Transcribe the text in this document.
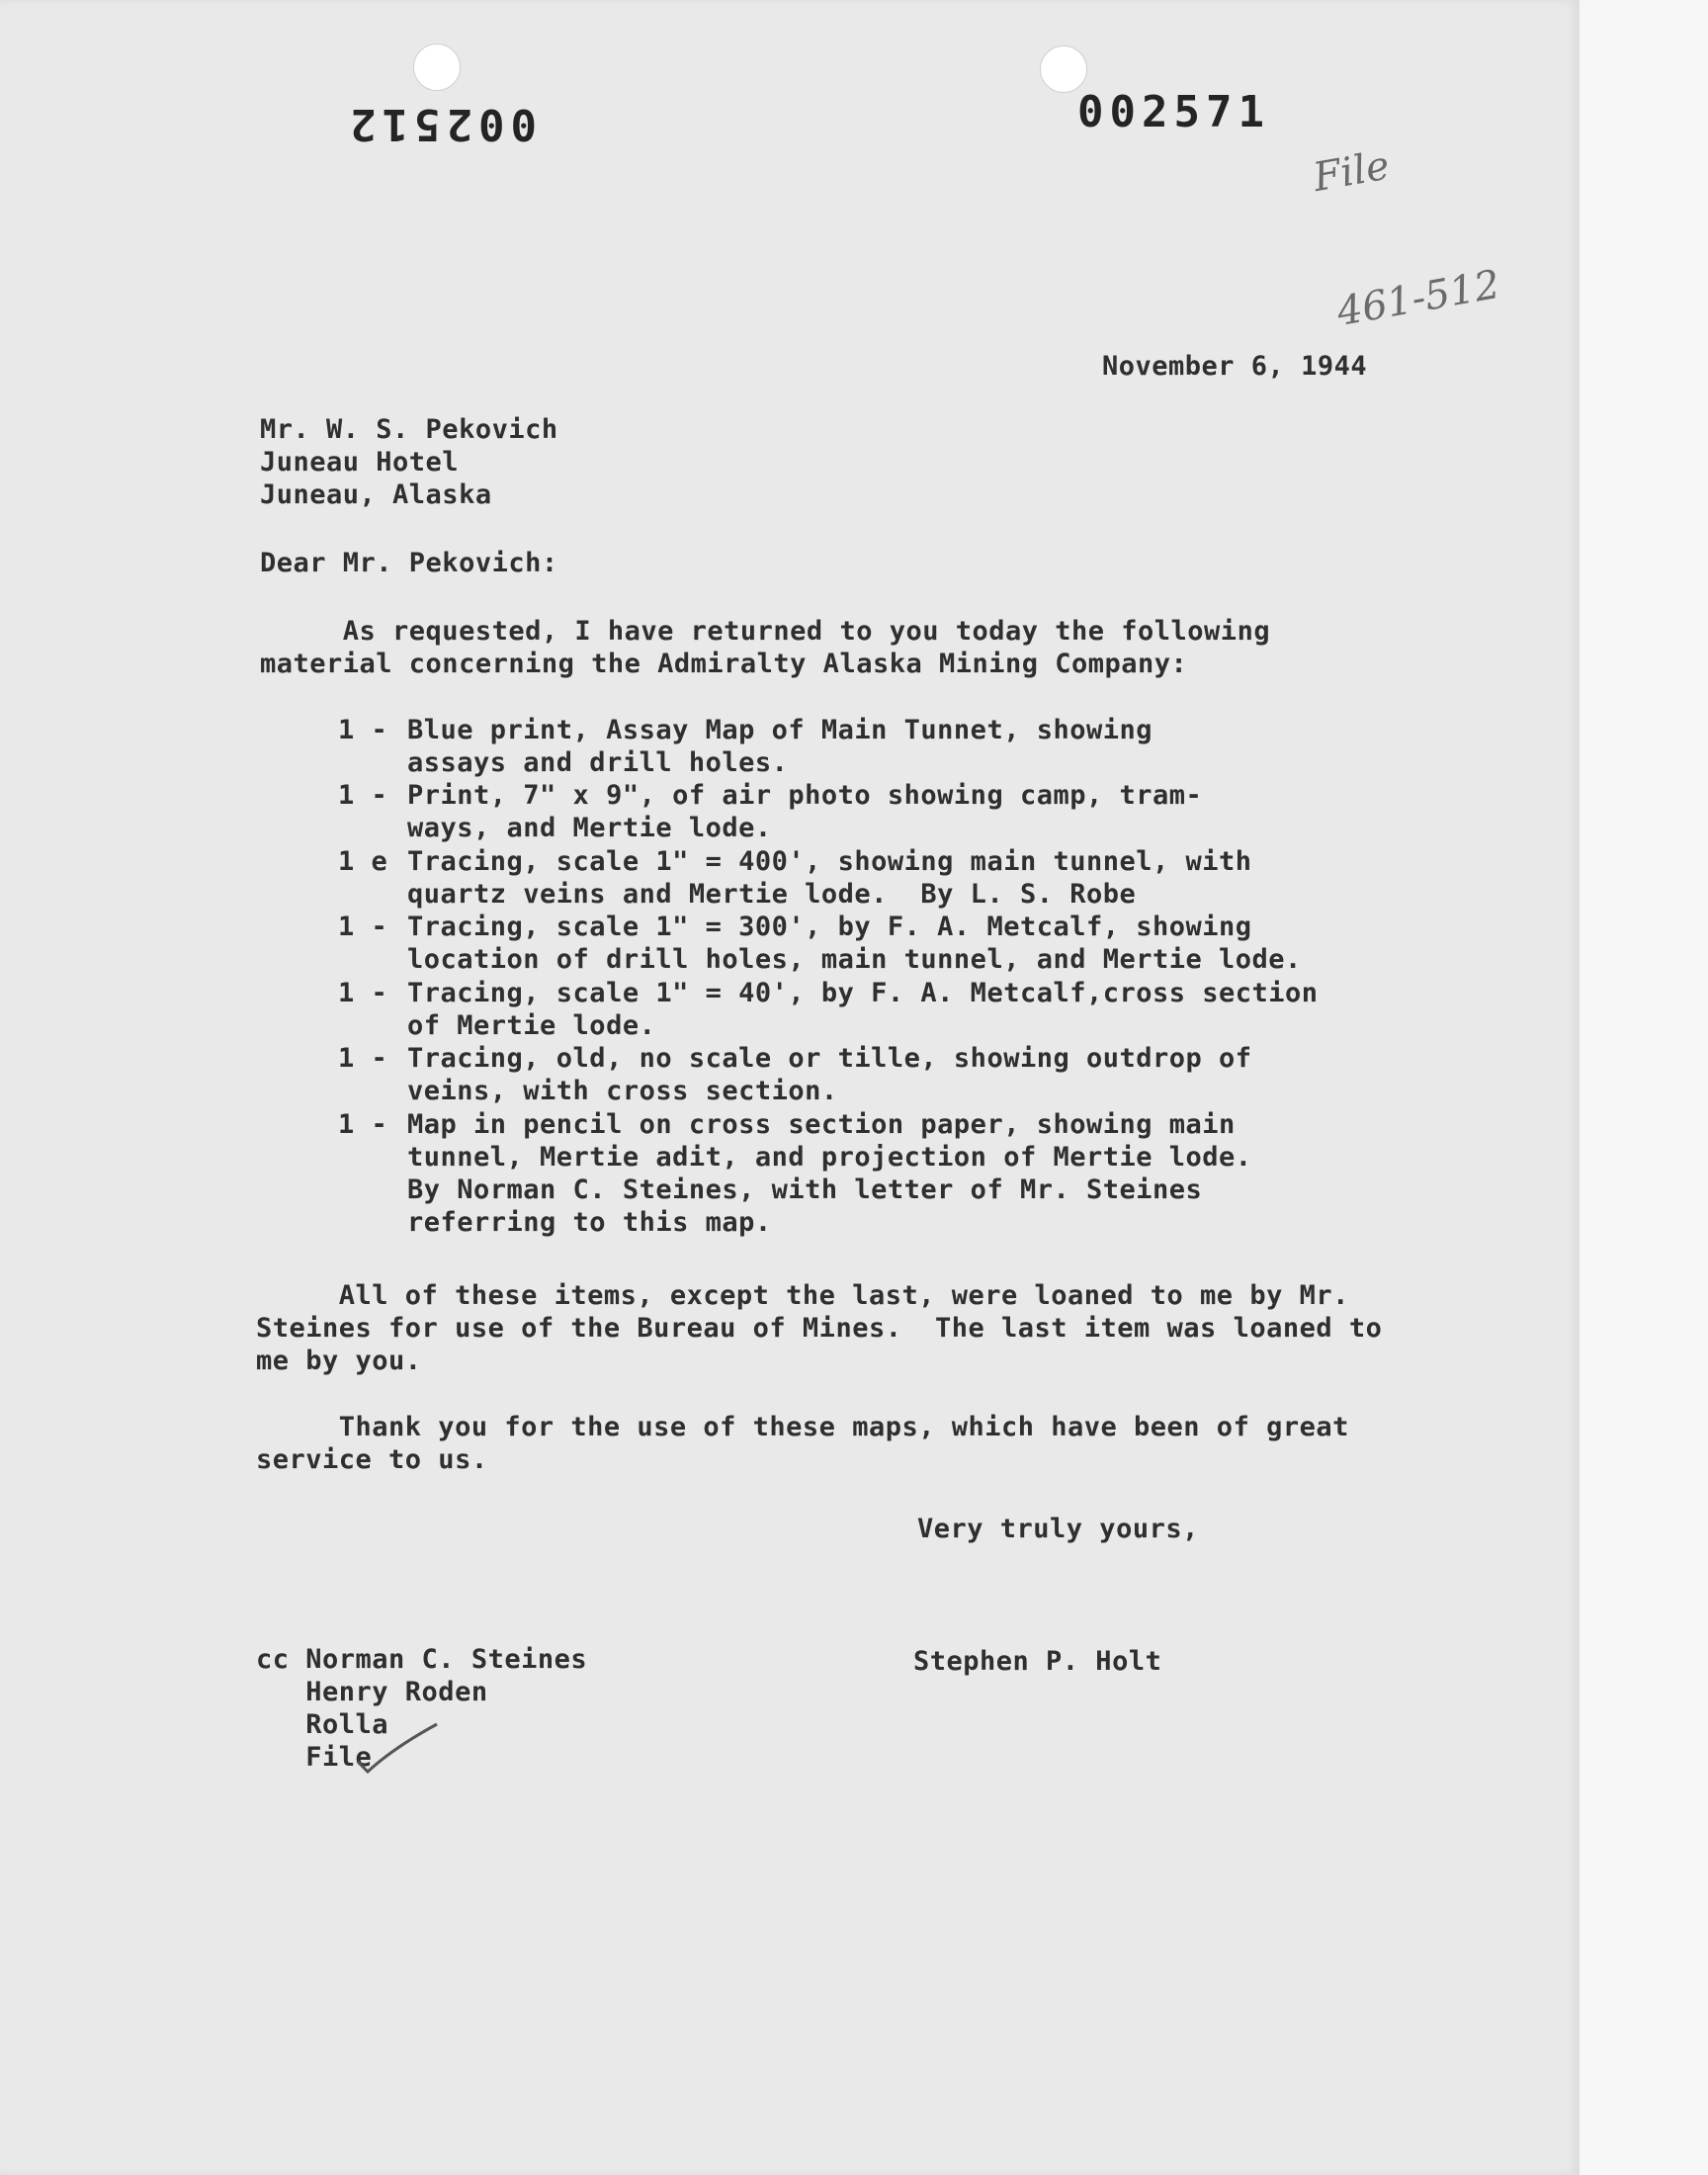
002512	002571

File

461-512

November 6, 1944
Mr. W. S. Pekovich
Juneau Hotel
Juneau, Alaska
Dear Mr. Pekovich:
As requested, I have returned to you today the following
material concerning the Admiralty Alaska Mining Company:
1 - Blue print, Assay Map of Main Tunnet, showing
assays and drill holes.
1 - Print, 7" x 9", of air photo showing camp, tram-
ways, and Mertie lode.
1 e Tracing, scale 1" = 400', showing main tunnel, with
quartz veins and Mertie lode.  By L. S. Robe
1 - Tracing, scale 1" = 300', by F. A. Metcalf, showing
location of drill holes, main tunnel, and Mertie lode.
1 - Tracing, scale 1" = 40', by F. A. Metcalf,cross section
of Mertie lode.
1 - Tracing, old, no scale or tille, showing outdrop of
veins, with cross section.
1 - Map in pencil on cross section paper, showing main
tunnel, Mertie adit, and projection of Mertie lode.
By Norman C. Steines, with letter of Mr. Steines
referring to this map.
All of these items, except the last, were loaned to me by Mr.
Steines for use of the Bureau of Mines.  The last item was loaned to
me by you.
Thank you for the use of these maps, which have been of great
service to us.
Very truly yours,
Stephen P. Holt
cc Norman C. Steines
Henry Roden
Rolla
File
